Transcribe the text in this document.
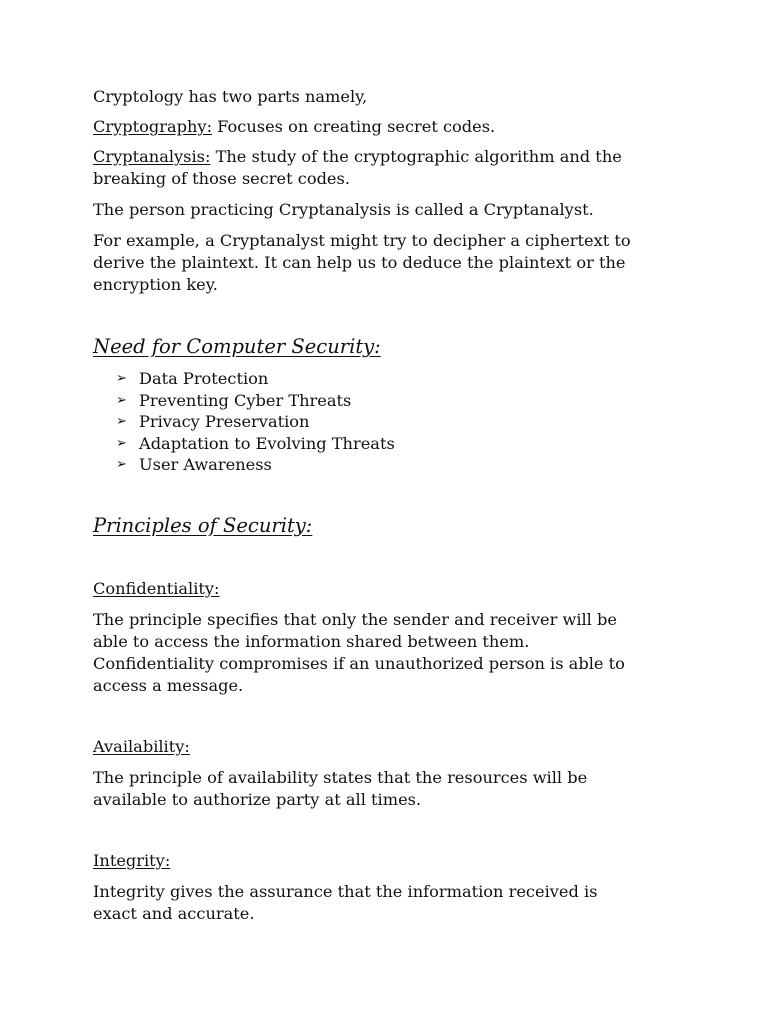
Cryptology has two parts namely,

Cryptography: Focuses on creating secret codes.

Cryptanalysis: The study of the cryptographic algorithm and the
breaking of those secret codes.

The person practicing Cryptanalysis is called a Cryptanalyst.

For example, a Cryptanalyst might try to decipher a ciphertext to
derive the plaintext. It can help us to deduce the plaintext or the
encryption key.

Need for Computer Security:

➢ Data Protection
➢ Preventing Cyber Threats
➢ Privacy Preservation
➢ Adaptation to Evolving Threats
➢ User Awareness

Principles of Security:

Confidentiality:

The principle specifies that only the sender and receiver will be
able to access the information shared between them.
Confidentiality compromises if an unauthorized person is able to
access a message.

Availability:

The principle of availability states that the resources will be
available to authorize party at all times.

Integrity:

Integrity gives the assurance that the information received is
exact and accurate.
